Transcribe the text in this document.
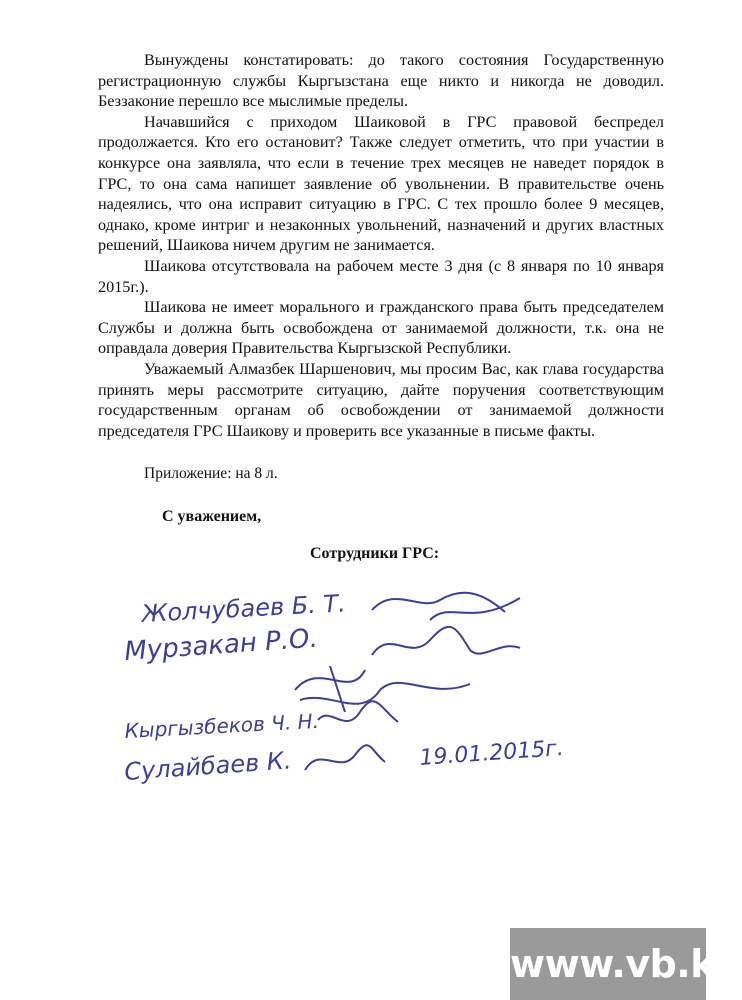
Вынуждены констатировать: до такого состояния Государственную регистрационную службы Кыргызстана еще никто и никогда не доводил. Беззаконие перешло все мыслимые пределы.

Начавшийся с приходом Шаиковой в ГРС правовой беспредел продолжается. Кто его остановит? Также следует отметить, что при участии в конкурсе она заявляла, что если в течение трех месяцев не наведет порядок в ГРС, то она сама напишет заявление об увольнении. В правительстве очень надеялись, что она исправит ситуацию в ГРС. С тех прошло более 9 месяцев, однако, кроме интриг и незаконных увольнений, назначений и других властных решений, Шаикова ничем другим не занимается.

Шаикова отсутствовала на рабочем месте 3 дня (с 8 января по 10 января 2015г.).

Шаикова не имеет морального и гражданского права быть председателем Службы и должна быть освобождена от занимаемой должности, т.к. она не оправдала доверия Правительства Кыргызской Республики.

Уважаемый Алмазбек Шаршенович, мы просим Вас, как глава государства принять меры рассмотрите ситуацию, дайте поручения соответствующим государственным органам об освобождении от занимаемой должности председателя ГРС Шаикову и проверить все указанные в письме факты.

Приложение: на 8 л.
С уважением,
Сотрудники ГРС:
Жолчубаев Б. Т.
Мурзакан Р.О.
Кыргызбеков Ч. Н.
Сулайбаев К.	19.01.2015г.
www.vb.kg
